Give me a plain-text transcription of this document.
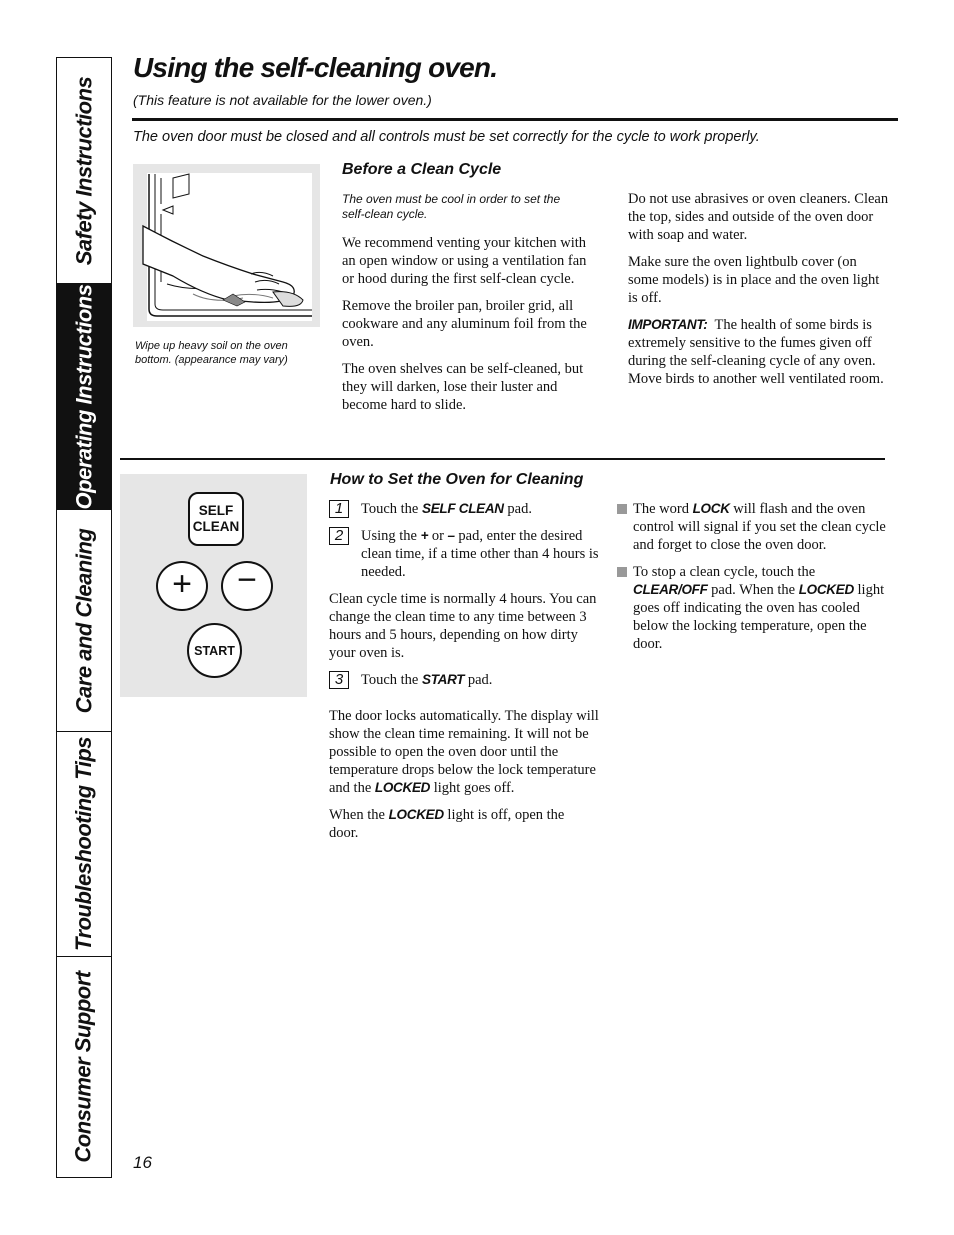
Safety Instructions
Operating Instructions
Care and Cleaning
Troubleshooting Tips
Consumer Support
Using the self-cleaning oven.
(This feature is not available for the lower oven.)
The oven door must be closed and all controls must be set correctly for the cycle to work properly.
Wipe up heavy soil on the oven bottom. (appearance may vary)
Before a Clean Cycle
The oven must be cool in order to set the self-clean cycle.
We recommend venting your kitchen with an open window or using a ventilation fan or hood during the first self-clean cycle.
Remove the broiler pan, broiler grid, all cookware and any aluminum foil from the oven.
The oven shelves can be self-cleaned, but they will darken, lose their luster and become hard to slide.
Do not use abrasives or oven cleaners. Clean the top, sides and outside of the oven door with soap and water.
Make sure the oven lightbulb cover (on some models) is in place and the oven light is off.
IMPORTANT: The health of some birds is extremely sensitive to the fumes given off during the self-cleaning cycle of any oven. Move birds to another well ventilated room.
SELF
CLEAN
+ −
START
How to Set the Oven for Cleaning
1	Touch the SELF CLEAN pad.
2	Using the + or – pad, enter the desired clean time, if a time other than 4 hours is needed.
Clean cycle time is normally 4 hours. You can change the clean time to any time between 3 hours and 5 hours, depending on how dirty your oven is.
3	Touch the START pad.
The door locks automatically. The display will show the clean time remaining. It will not be possible to open the oven door until the temperature drops below the lock temperature and the LOCKED light goes off.
When the LOCKED light is off, open the door.
The word LOCK will flash and the oven control will signal if you set the clean cycle and forget to close the oven door.
To stop a clean cycle, touch the CLEAR/OFF pad. When the LOCKED light goes off indicating the oven has cooled below the locking temperature, open the door.
16
